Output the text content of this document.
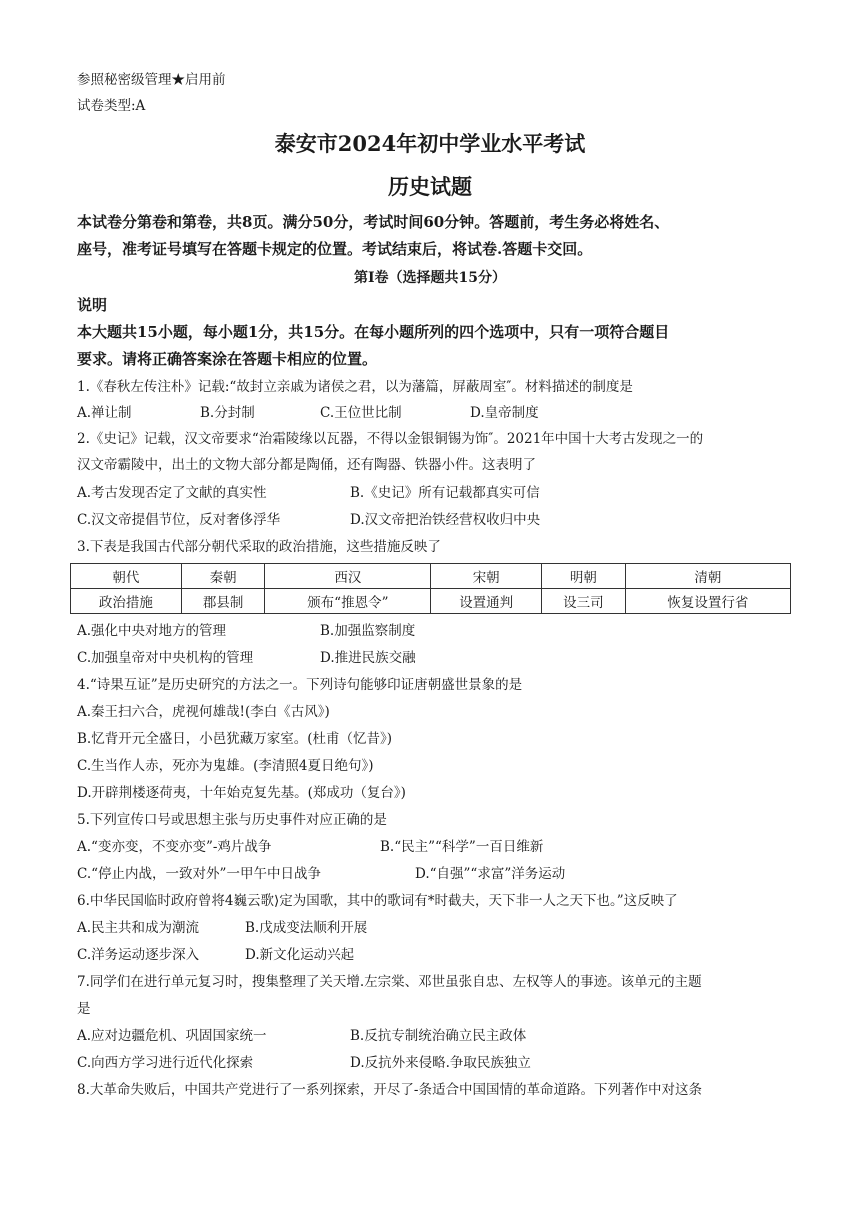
参照秘密级管理★启用前
试卷类型:A
泰安市2024年初中学业水平考试
历史试题
本试卷分第卷和第卷，共8页。满分50分，考试时间60分钟。答题前，考生务必将姓名、
座号，准考证号填写在答题卡规定的位置。考试结束后，将试卷.答题卡交回。
第Ⅰ卷（选择题共15分）
说明
本大题共15小题，每小题1分，共15分。在每小题所列的四个选项中，只有一项符合题目
要求。请将正确答案涂在答题卡相应的位置。
1.《春秋左传注朴》记载:“故封立亲戚为诸侯之君，以为藩篇，屏蔽周室″。材料描述的制度是
A.禅让制	B.分封制	C.王位世比制	D.皇帝制度
2.《史记》记载，汉文帝要求“治霜陵缘以瓦器，不得以金银铜锡为饰″。2021年中国十大考古发现之一的
汉文帝霸陵中，出土的文物大部分都是陶俑，还有陶器、铁器小件。这表明了
A.考古发现否定了文献的真实性	B.《史记》所有记载都真实可信
C.汉文帝提倡节位，反对奢侈浮华	D.汉文帝把治铁经营权收归中央
3.下表是我国古代部分朝代采取的政治措施，这些措施反映了
朝代	秦朝	西汉	宋朝	明朝	清朝
政治措施	郡县制	颁布“推恩令”	设置通判	设三司	恢复设置行省
A.强化中央对地方的管理	B.加强监察制度
C.加强皇帝对中央机构的管理	D.推进民族交融
4.“诗果互证”是历史研究的方法之一。下列诗句能够印证唐朝盛世景象的是
A.秦王扫六合，虎视何雄哉!(李白《古风》)
B.忆背开元全盛日，小邑犹藏万家室。(杜甫（忆昔》)
C.生当作人赤，死亦为鬼雄。(李清照4夏日绝句》)
D.开辟荆楼逐荷夷，十年始克复先基。(郑成功（复台》)
5.下列宣传口号或思想主张与历史事件对应正确的是
A.“变亦变，不变亦变”-鸡片战争	B.“民主”“科学”一百日维新
C.“停止内战，一致对外”一甲午中日战争	D.“自强”“求富”洋务运动
6.中华民国临时政府曾将4巍云歌⟩定为国歌，其中的歌词有*时截夫，天下非一人之天下也。”这反映了
A.民主共和成为潮流	B.戊成变法顺利开展
C.洋务运动逐步深入	D.新文化运动兴起
7.同学们在进行单元复习时，搜集整理了关天增.左宗棠、邓世虽张自忠、左权等人的事迹。该单元的主题
是
A.应对边疆危机、巩固国家统一	B.反抗专制统治确立民主政体
C.向西方学习进行近代化探索	D.反抗外来侵略.争取民族独立
8.大革命失败后，中国共产党进行了一系列探索，开尽了-条适合中国国情的革命道路。下列著作中对这条
